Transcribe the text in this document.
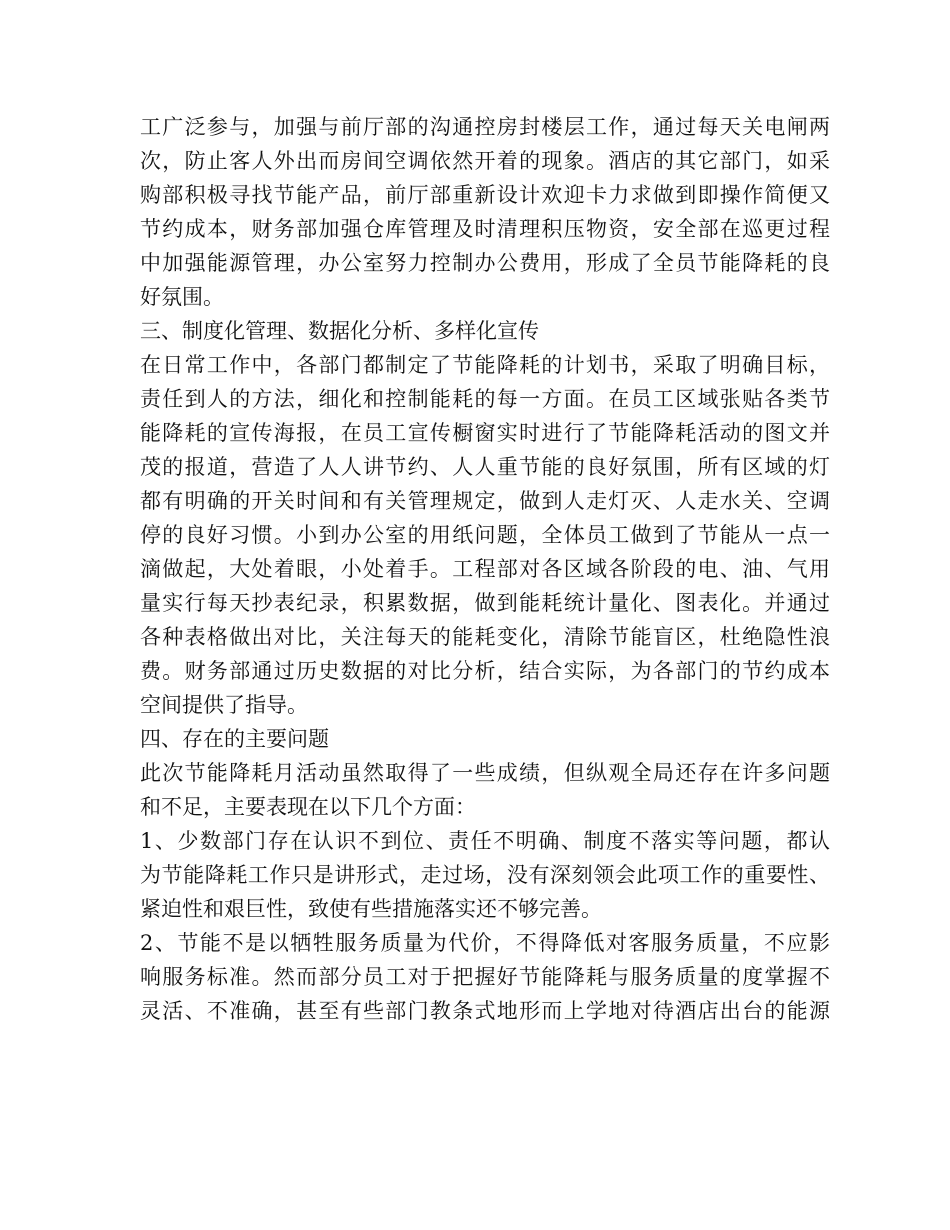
工广泛参与，加强与前厅部的沟通控房封楼层工作，通过每天关电闸两
次，防止客人外出而房间空调依然开着的现象。酒店的其它部门，如采
购部积极寻找节能产品，前厅部重新设计欢迎卡力求做到即操作简便又
节约成本，财务部加强仓库管理及时清理积压物资，安全部在巡更过程
中加强能源管理，办公室努力控制办公费用，形成了全员节能降耗的良
好氛围。
三、制度化管理、数据化分析、多样化宣传
在日常工作中，各部门都制定了节能降耗的计划书，采取了明确目标，
责任到人的方法，细化和控制能耗的每一方面。在员工区域张贴各类节
能降耗的宣传海报，在员工宣传橱窗实时进行了节能降耗活动的图文并
茂的报道，营造了人人讲节约、人人重节能的良好氛围，所有区域的灯
都有明确的开关时间和有关管理规定，做到人走灯灭、人走水关、空调
停的良好习惯。小到办公室的用纸问题，全体员工做到了节能从一点一
滴做起，大处着眼，小处着手。工程部对各区域各阶段的电、油、气用
量实行每天抄表纪录，积累数据，做到能耗统计量化、图表化。并通过
各种表格做出对比，关注每天的能耗变化，清除节能盲区，杜绝隐性浪
费。财务部通过历史数据的对比分析，结合实际，为各部门的节约成本
空间提供了指导。
四、存在的主要问题
此次节能降耗月活动虽然取得了一些成绩，但纵观全局还存在许多问题
和不足，主要表现在以下几个方面：
1、少数部门存在认识不到位、责任不明确、制度不落实等问题，都认
为节能降耗工作只是讲形式，走过场，没有深刻领会此项工作的重要性、
紧迫性和艰巨性，致使有些措施落实还不够完善。
2、节能不是以牺牲服务质量为代价，不得降低对客服务质量，不应影
响服务标准。然而部分员工对于把握好节能降耗与服务质量的度掌握不
灵活、不准确，甚至有些部门教条式地形而上学地对待酒店出台的能源
